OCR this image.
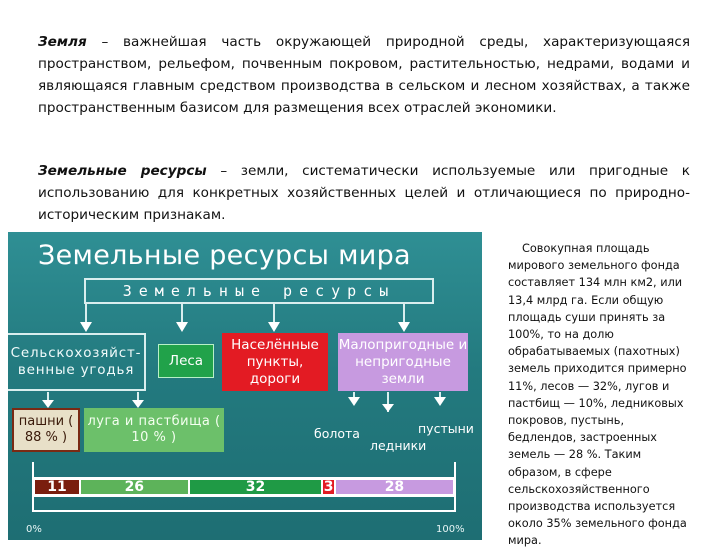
Земля – важнейшая часть окружающей природной среды, характеризующаяся пространством, рельефом, почвенным покровом, растительностью, недрами, водами и являющаяся главным средством производства в сельском и лесном хозяйствах, а также пространственным базисом для размещения всех отраслей экономики.

Земельные ресурсы – земли, систематически используемые или пригодные к использованию для конкретных хозяйственных целей и отличающиеся по природно-историческим признакам.

Земельные ресурсы мира
Земельные ресурсы
Сельскохозяйст-венные угодья
Леса
Населённые пункты, дороги
Малопригодные и непригодные земли
пашни ( 88 % )
луга и пастбища ( 10 % )	болота
ледники
пустыни
11	26	32	3	28
0%	100%

Совокупная площадь мирового земельного фонда составляет 134 млн км2, или 13,4 млрд га. Если общую площадь суши принять за 100%, то на долю обрабатываемых (пахотных) земель приходится примерно 11%, лесов — 32%, лугов и пастбищ — 10%, ледниковых покровов, пустынь, бедлендов, застроенных земель — 28 %. Таким образом, в сфере сельскохозяйственного производства используется около 35% земельного фонда мира.
